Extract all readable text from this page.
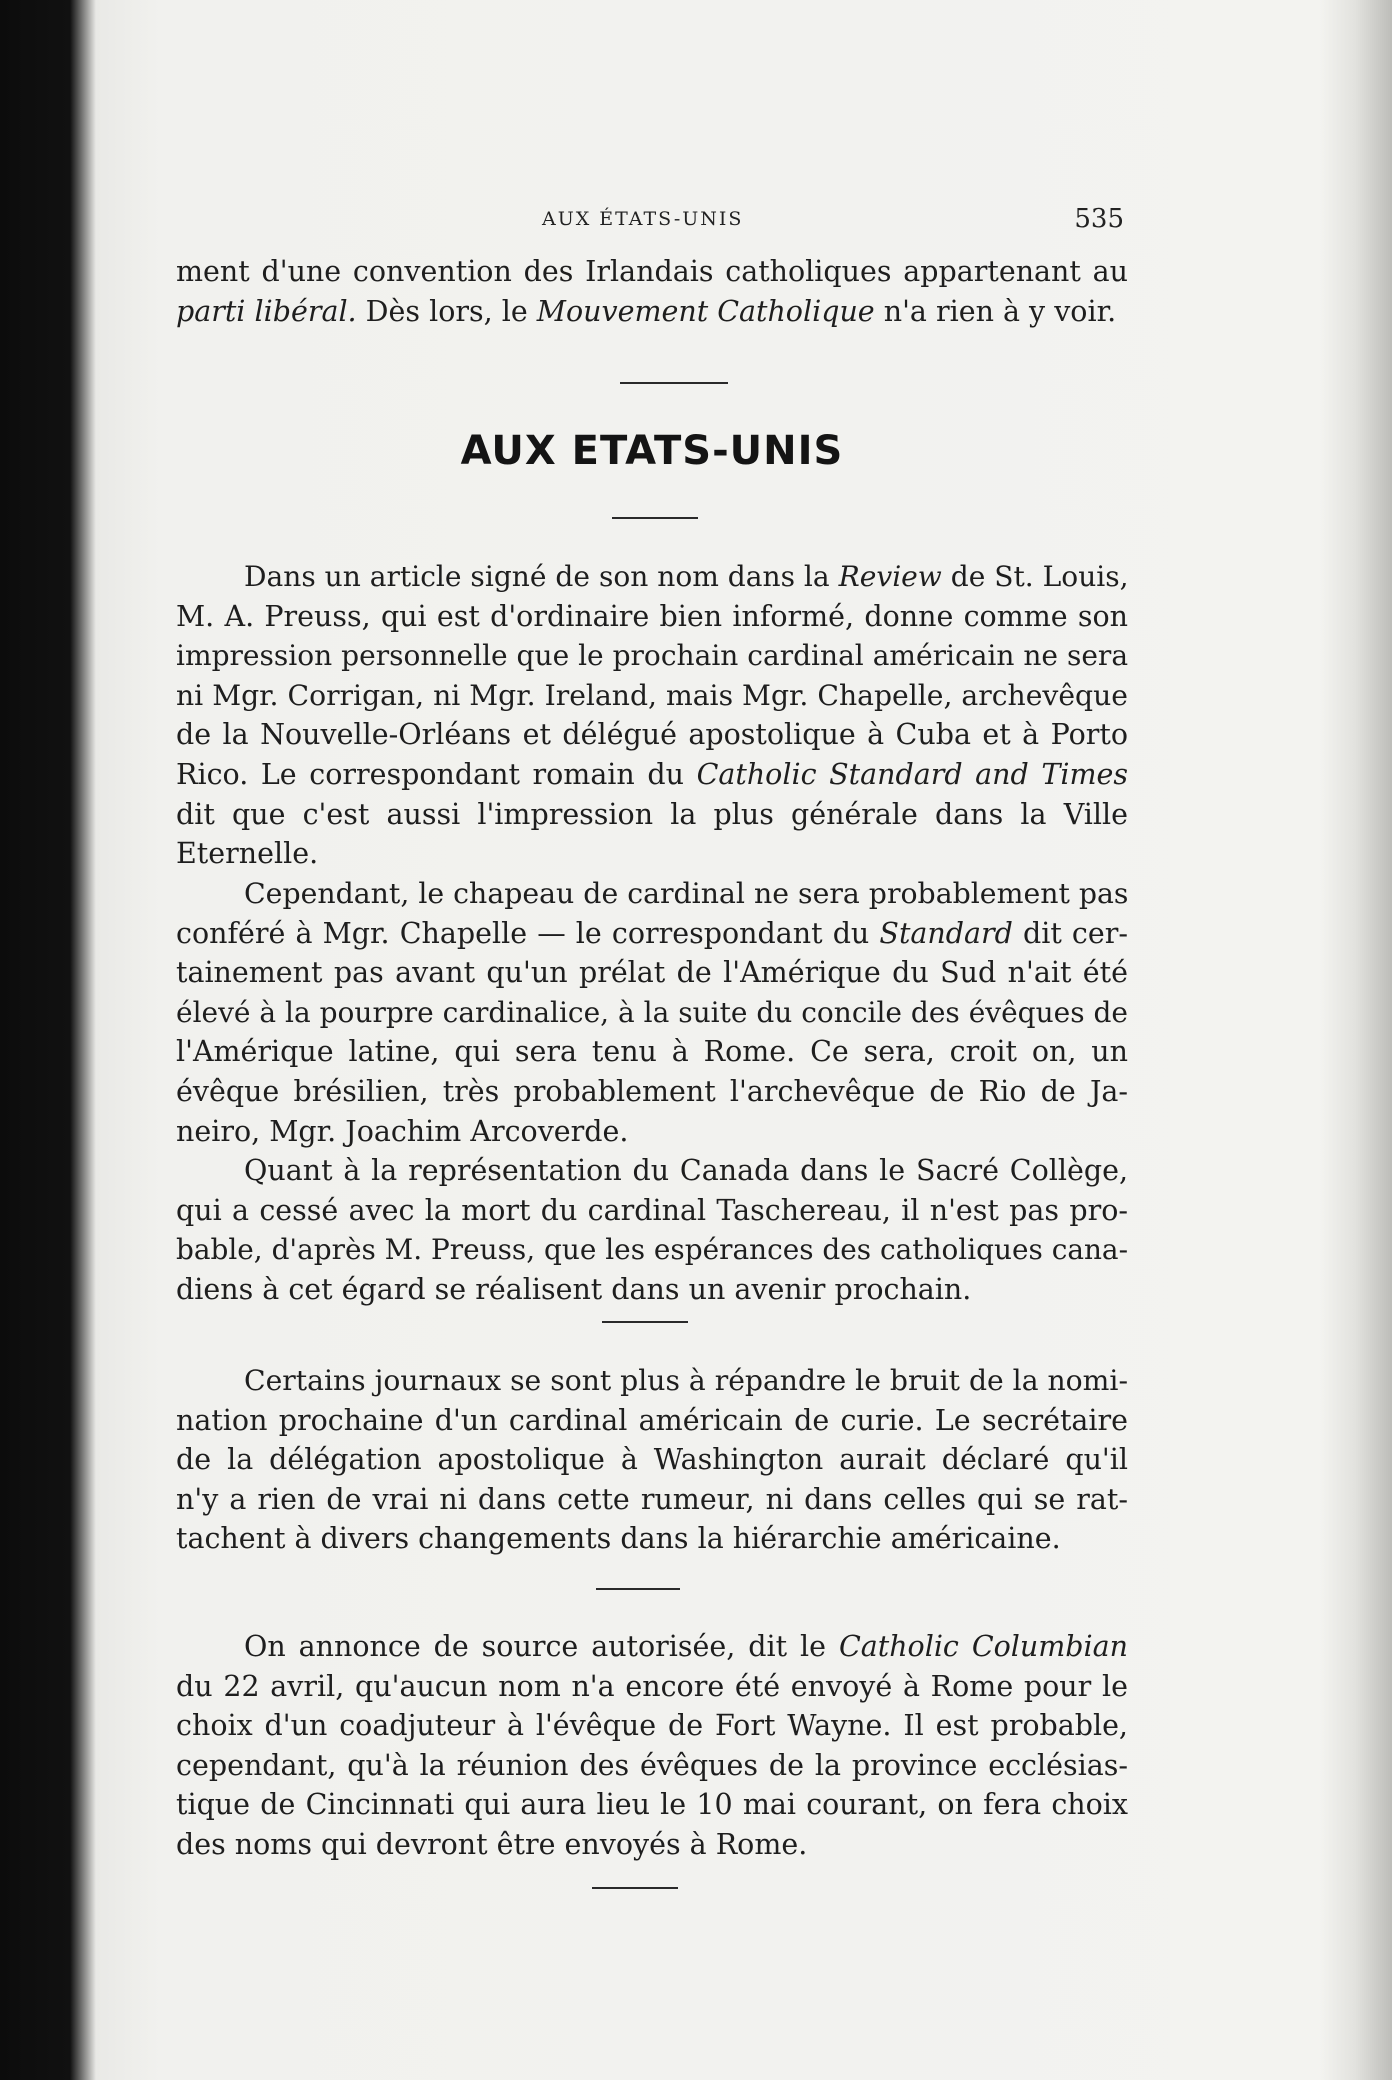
AUX ÉTATS-UNIS	535

ment d'une convention des Irlandais catholiques appartenant au

parti libéral. Dès lors, le Mouvement Catholique n'a rien à y voir.

AUX ETATS-UNIS

Dans un article signé de son nom dans la Review de St. Louis,

M. A. Preuss, qui est d'ordinaire bien informé, donne comme son

impression personnelle que le prochain cardinal américain ne sera

ni Mgr. Corrigan, ni Mgr. Ireland, mais Mgr. Chapelle, archevêque

de la Nouvelle-Orléans et délégué apostolique à Cuba et à Porto

Rico. Le correspondant romain du Catholic Standard and Times

dit que c'est aussi l'impression la plus générale dans la Ville

Eternelle.

Cependant, le chapeau de cardinal ne sera probablement pas

conféré à Mgr. Chapelle — le correspondant du Standard dit cer-

tainement pas avant qu'un prélat de l'Amérique du Sud n'ait été

élevé à la pourpre cardinalice, à la suite du concile des évêques de

l'Amérique latine, qui sera tenu à Rome. Ce sera, croit on, un

évêque brésilien, très probablement l'archevêque de Rio de Ja-

neiro, Mgr. Joachim Arcoverde.

Quant à la représentation du Canada dans le Sacré Collège,

qui a cessé avec la mort du cardinal Taschereau, il n'est pas pro-

bable, d'après M. Preuss, que les espérances des catholiques cana-

diens à cet égard se réalisent dans un avenir prochain.

Certains journaux se sont plus à répandre le bruit de la nomi-

nation prochaine d'un cardinal américain de curie. Le secrétaire

de la délégation apostolique à Washington aurait déclaré qu'il

n'y a rien de vrai ni dans cette rumeur, ni dans celles qui se rat-

tachent à divers changements dans la hiérarchie américaine.

On annonce de source autorisée, dit le Catholic Columbian

du 22 avril, qu'aucun nom n'a encore été envoyé à Rome pour le

choix d'un coadjuteur à l'évêque de Fort Wayne. Il est probable,

cependant, qu'à la réunion des évêques de la province ecclésias-

tique de Cincinnati qui aura lieu le 10 mai courant, on fera choix

des noms qui devront être envoyés à Rome.
